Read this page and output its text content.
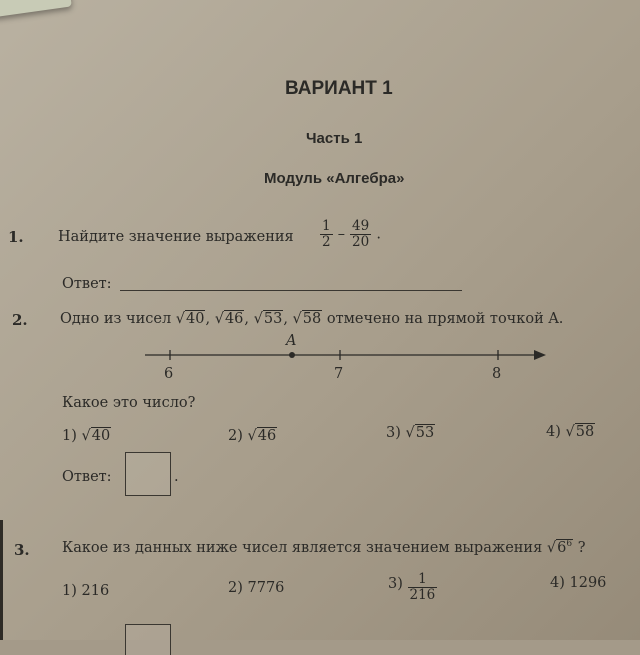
ВАРИАНТ 1
Часть 1
Модуль «Алгебра»
1. Найдите значение выражения $\frac{1}{2} - \frac{49}{20}$ .
Ответ:
2. Одно из чисел √40, √46, √53, √58 отмечено на прямой точкой A.
A
6	7	8
Какое это число?
1) √40	2) √46	3) √53	4) √58
Ответ:	.
3. Какое из данных ниже чисел является значением выражения $√6^6$ ?
1) 216	2) 7776	$3) \frac{1}{216}$	4) 1296
